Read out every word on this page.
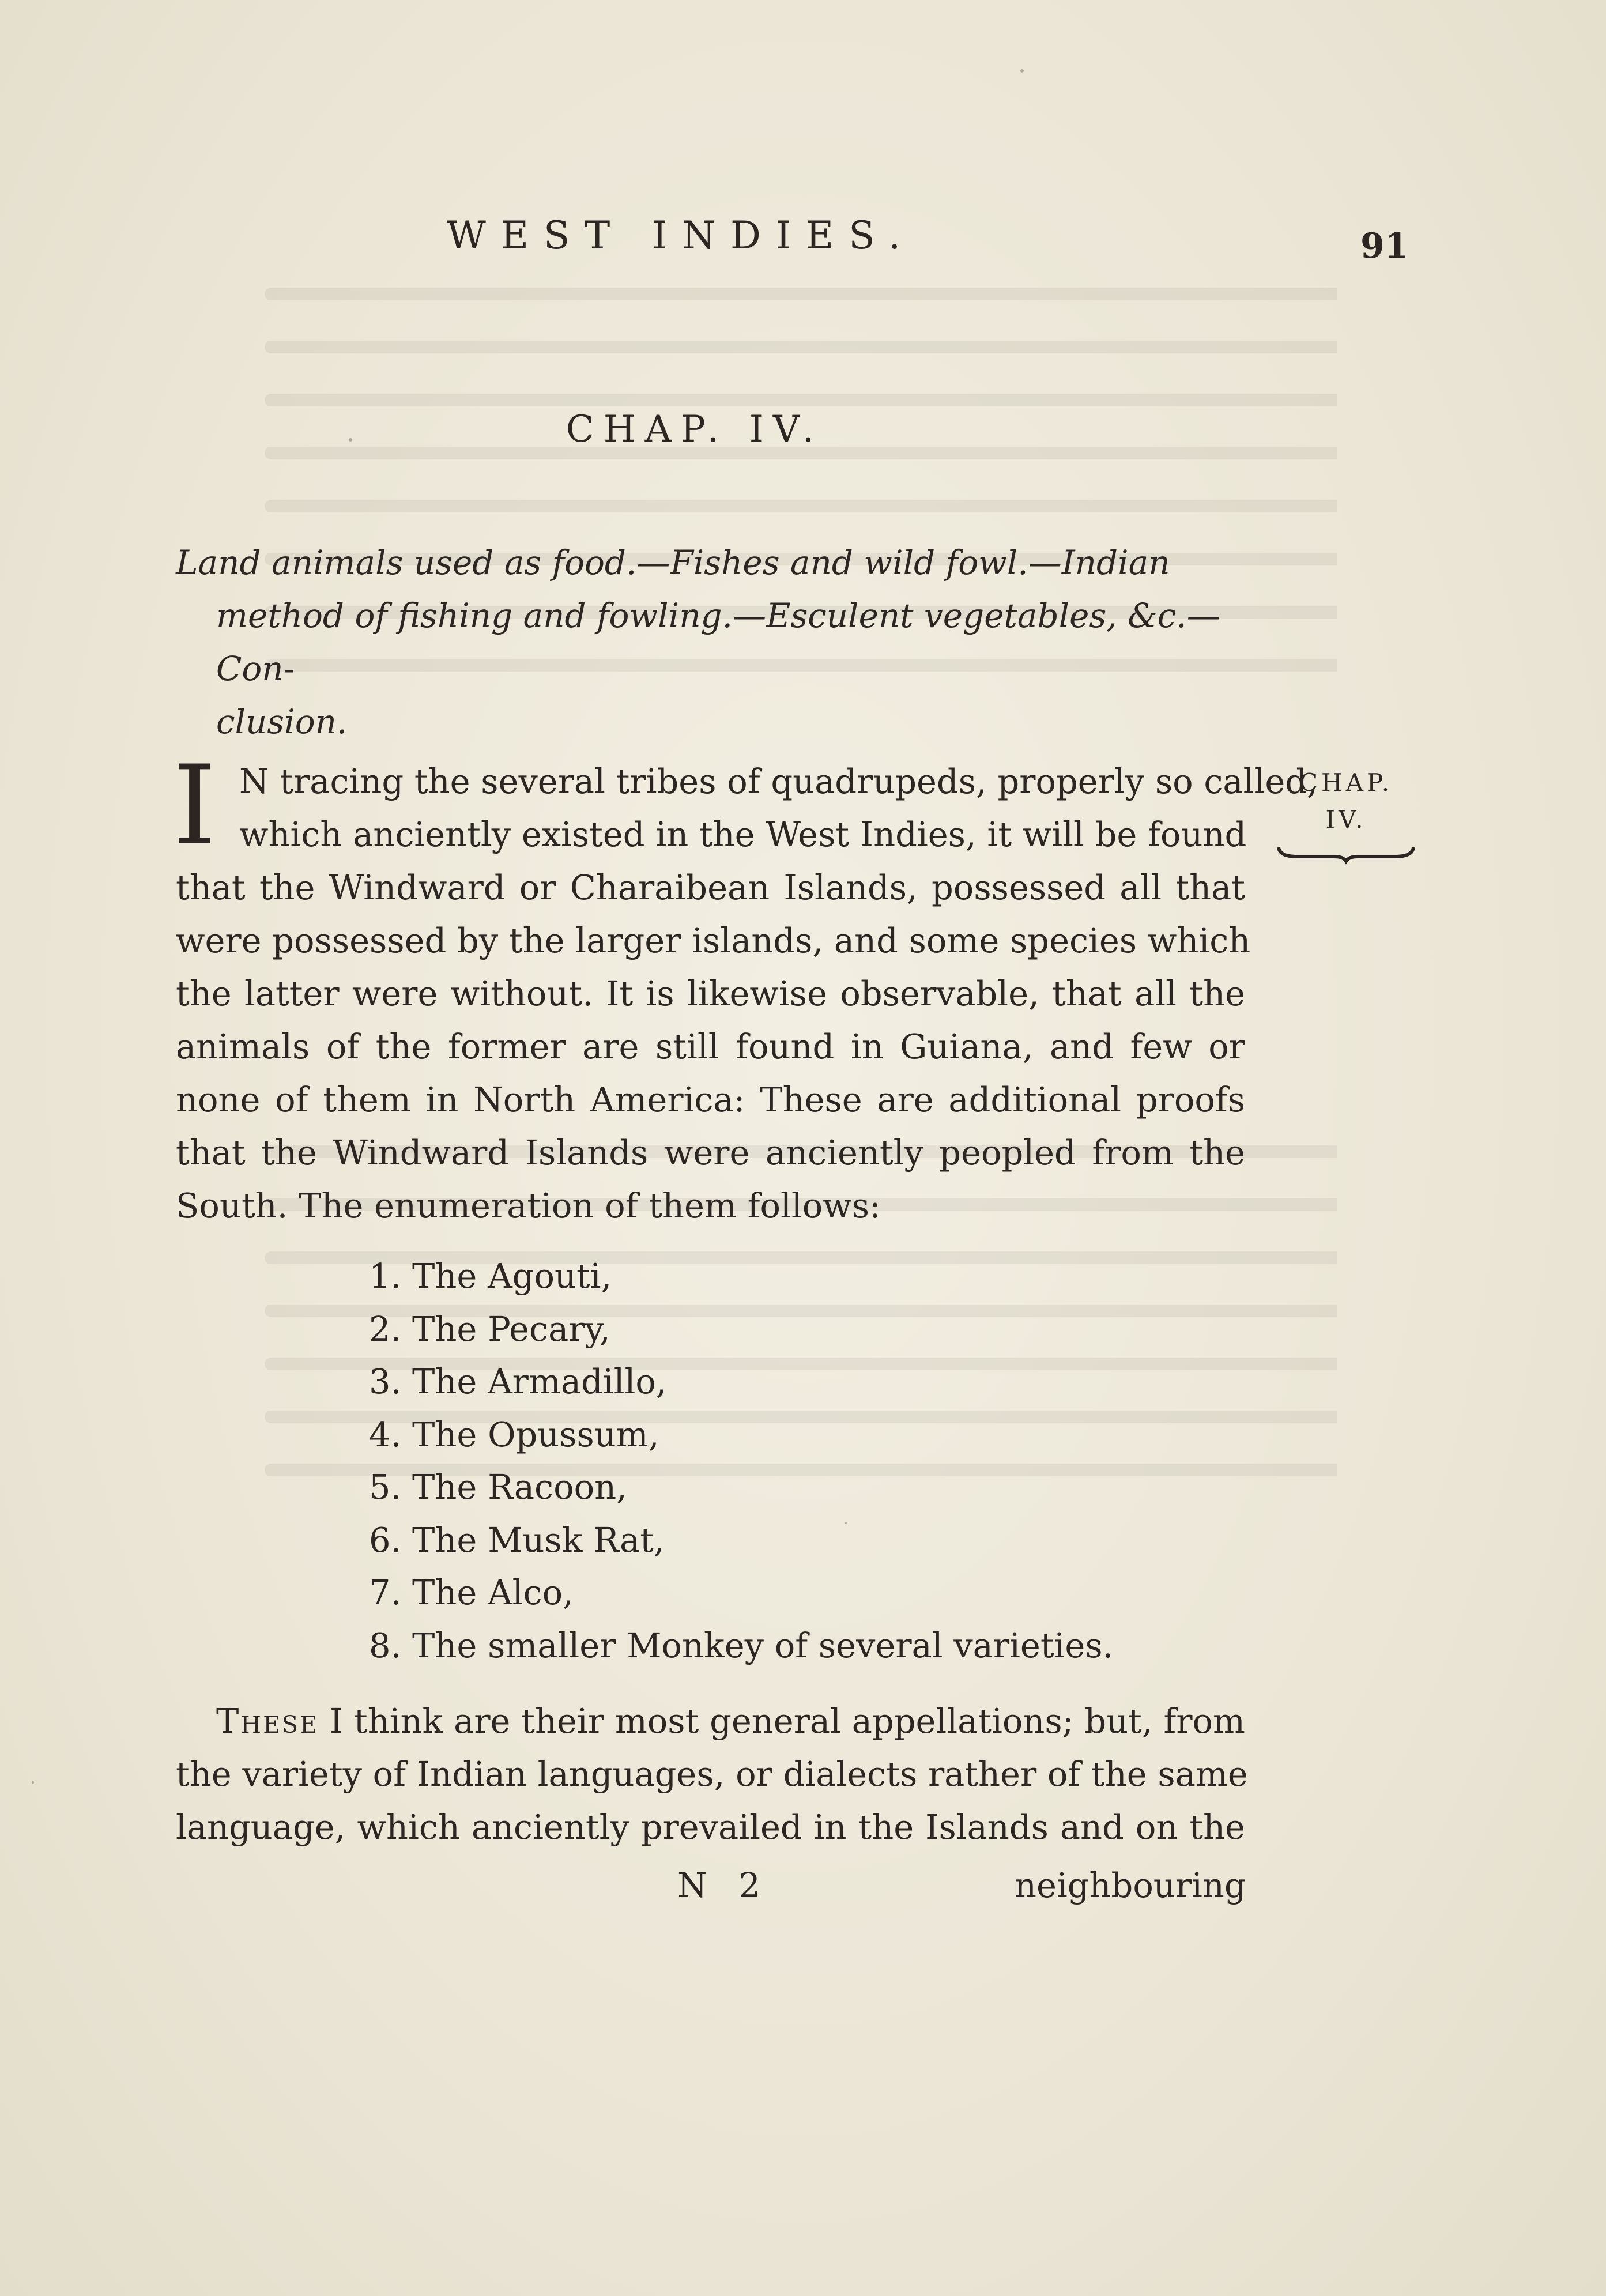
WEST INDIES.	91
CHAP. IV.
Land animals used as food.—Fishes and wild fowl.—Indian
method of fishing and fowling.—Esculent vegetables, &c.—Con-
clusion.
I N tracing the several tribes of quadrupeds, properly so called,
which anciently existed in the West Indies, it will be found
that the Windward or Charaibean Islands, possessed all that
were possessed by the larger islands, and some species which
the latter were without. It is likewise observable, that all the
animals of the former are still found in Guiana, and few or
none of them in North America: These are additional proofs
that the Windward Islands were anciently peopled from the
South. The enumeration of them follows:
CHAP.
IV.
1. The Agouti,
2. The Pecary,
3. The Armadillo,
4. The Opussum,
5. The Racoon,
6. The Musk Rat,
7. The Alco,
8. The smaller Monkey of several varieties.
These I think are their most general appellations; but, from
the variety of Indian languages, or dialects rather of the same
language, which anciently prevailed in the Islands and on the
N 2	neighbouring
